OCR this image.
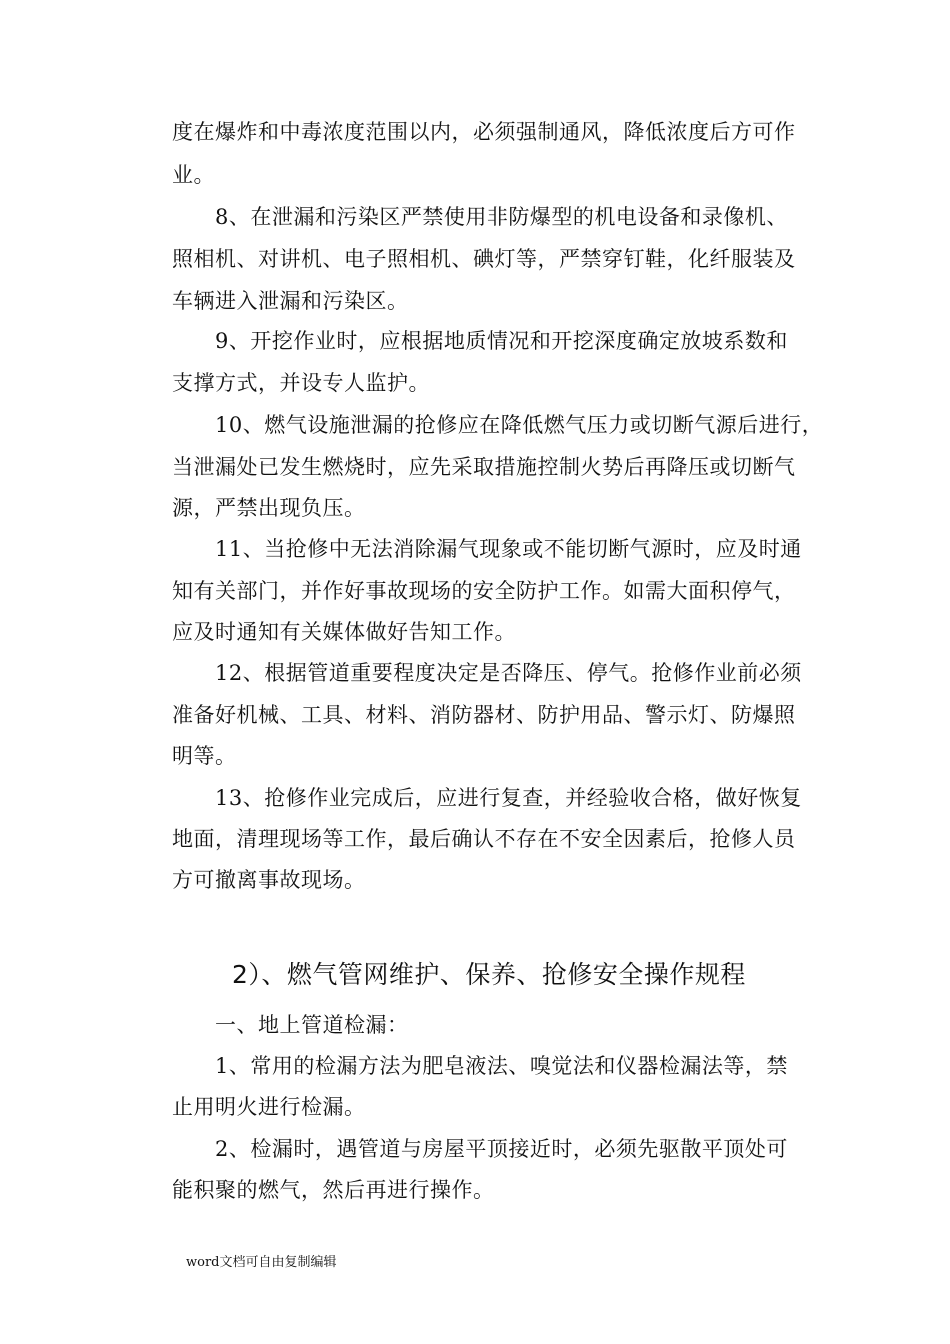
度在爆炸和中毒浓度范围以内，必须强制通风，降低浓度后方可作
业。
8、在泄漏和污染区严禁使用非防爆型的机电设备和录像机、
照相机、对讲机、电子照相机、碘灯等，严禁穿钉鞋，化纤服装及
车辆进入泄漏和污染区。
9、开挖作业时，应根据地质情况和开挖深度确定放坡系数和
支撑方式，并设专人监护。
10、燃气设施泄漏的抢修应在降低燃气压力或切断气源后进行，
当泄漏处已发生燃烧时，应先采取措施控制火势后再降压或切断气
源，严禁出现负压。
11、当抢修中无法消除漏气现象或不能切断气源时，应及时通
知有关部门，并作好事故现场的安全防护工作。如需大面积停气，
应及时通知有关媒体做好告知工作。
12、根据管道重要程度决定是否降压、停气。抢修作业前必须
准备好机械、工具、材料、消防器材、防护用品、警示灯、防爆照
明等。
13、抢修作业完成后，应进行复查，并经验收合格，做好恢复
地面，清理现场等工作，最后确认不存在不安全因素后，抢修人员
方可撤离事故现场。
2）、燃气管网维护、保养、抢修安全操作规程
一、地上管道检漏：
1、常用的检漏方法为肥皂液法、嗅觉法和仪器检漏法等，禁
止用明火进行检漏。
2、检漏时，遇管道与房屋平顶接近时，必须先驱散平顶处可
能积聚的燃气，然后再进行操作。
word文档可自由复制编辑
